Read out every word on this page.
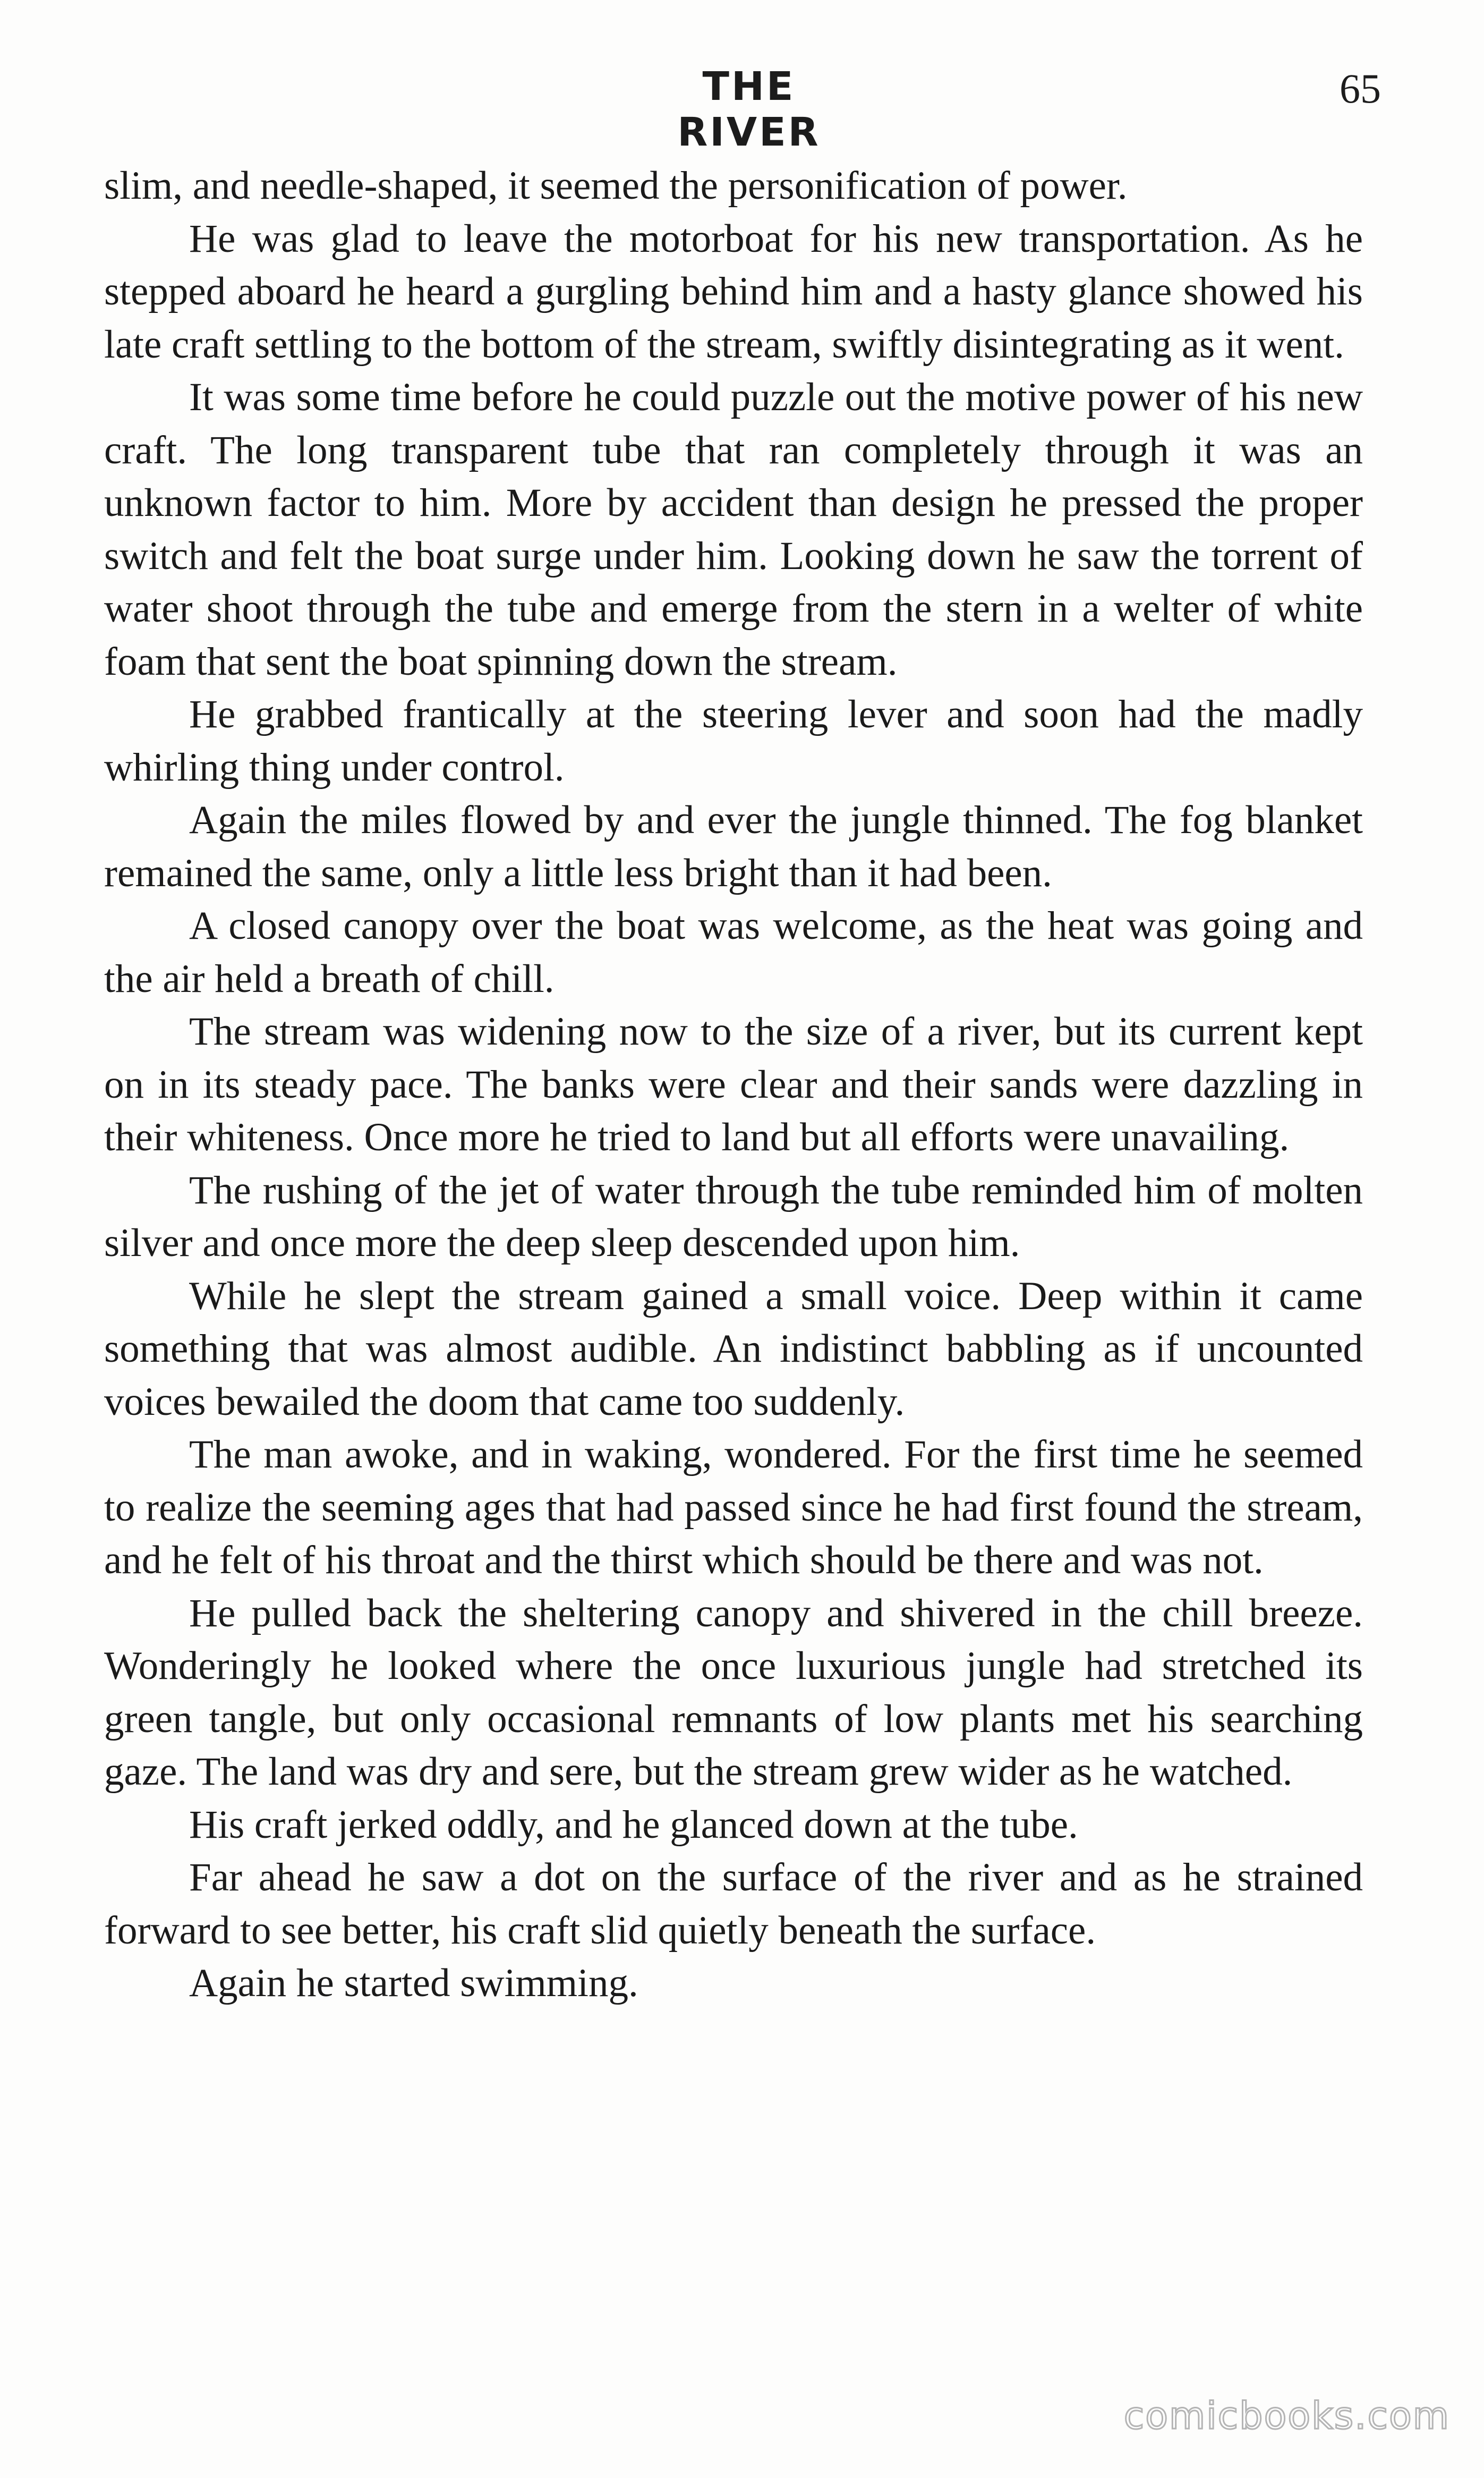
THE RIVER
65

slim, and needle-shaped, it seemed the personification of power.

He was glad to leave the motorboat for his new transportation. As he stepped aboard he heard a gurgling behind him and a hasty glance showed his late craft settling to the bottom of the stream, swiftly disintegrating as it went.

It was some time before he could puzzle out the motive power of his new craft. The long transparent tube that ran completely through it was an unknown factor to him. More by accident than design he pressed the proper switch and felt the boat surge under him. Looking down he saw the torrent of water shoot through the tube and emerge from the stern in a welter of white foam that sent the boat spinning down the stream.

He grabbed frantically at the steering lever and soon had the madly whirling thing under control.

Again the miles flowed by and ever the jungle thinned. The fog blanket remained the same, only a little less bright than it had been.

A closed canopy over the boat was welcome, as the heat was going and the air held a breath of chill.

The stream was widening now to the size of a river, but its current kept on in its steady pace. The banks were clear and their sands were dazzling in their whiteness. Once more he tried to land but all efforts were unavailing.

The rushing of the jet of water through the tube reminded him of molten silver and once more the deep sleep descended upon him.

While he slept the stream gained a small voice. Deep within it came something that was almost audible. An indistinct babbling as if uncounted voices bewailed the doom that came too suddenly.

The man awoke, and in waking, wondered. For the first time he seemed to realize the seeming ages that had passed since he had first found the stream, and he felt of his throat and the thirst which should be there and was not.

He pulled back the sheltering canopy and shivered in the chill breeze. Wonderingly he looked where the once luxurious jungle had stretched its green tangle, but only occasional remnants of low plants met his searching gaze. The land was dry and sere, but the stream grew wider as he watched.

His craft jerked oddly, and he glanced down at the tube.

Far ahead he saw a dot on the surface of the river and as he strained forward to see better, his craft slid quietly beneath the surface.

Again he started swimming.

comicbooks.com
